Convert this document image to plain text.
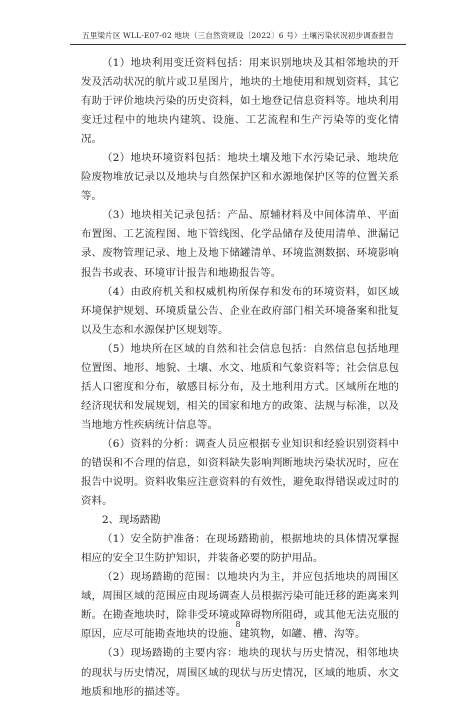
五里梁片区 WLL-E07-02 地块（三自然资规设〔2022〕6 号）土壤污染状况初步调查报告

（1）地块利用变迁资料包括：用来识别地块及其相邻地块的开发及活动状况的航片或卫星图片，地块的土地使用和规划资料，其它有助于评价地块污染的历史资料，如土地登记信息资料等。地块利用变迁过程中的地块内建筑、设施、工艺流程和生产污染等的变化情况。

（2）地块环境资料包括：地块土壤及地下水污染记录、地块危险废物堆放记录以及地块与自然保护区和水源地保护区等的位置关系等。

（3）地块相关记录包括：产品、原辅材料及中间体清单、平面布置图、工艺流程图、地下管线图、化学品储存及使用清单、泄漏记录、废物管理记录、地上及地下储罐清单、环境监测数据、环境影响报告书或表、环境审计报告和地勘报告等。

（4）由政府机关和权威机构所保存和发布的环境资料，如区域环境保护规划、环境质量公告、企业在政府部门相关环境备案和批复以及生态和水源保护区规划等。

（5）地块所在区域的自然和社会信息包括：自然信息包括地理位置图、地形、地貌、土壤、水文、地质和气象资料等；社会信息包括人口密度和分布，敏感目标分布，及土地利用方式。区域所在地的经济现状和发展规划，相关的国家和地方的政策、法规与标准，以及当地地方性疾病统计信息等。

（6）资料的分析：调查人员应根据专业知识和经验识别资料中的错误和不合理的信息，如资料缺失影响判断地块污染状况时，应在报告中说明。资料收集应注意资料的有效性，避免取得错误或过时的资料。

2、现场踏勘

（1）安全防护准备：在现场踏勘前，根据地块的具体情况掌握相应的安全卫生防护知识，并装备必要的防护用品。

（2）现场踏勘的范围：以地块内为主，并应包括地块的周围区域，周围区域的范围应由现场调查人员根据污染可能迁移的距离来判断。在勘查地块时，除非受环境或障碍物所阻碍，或其他无法克服的原因，应尽可能勘查地块的设施、建筑物，如罐、槽、沟等。

（3）现场踏勘的主要内容：地块的现状与历史情况，相邻地块的现状与历史情况，周围区域的现状与历史情况，区域的地质、水文地质和地形的描述等。

8
